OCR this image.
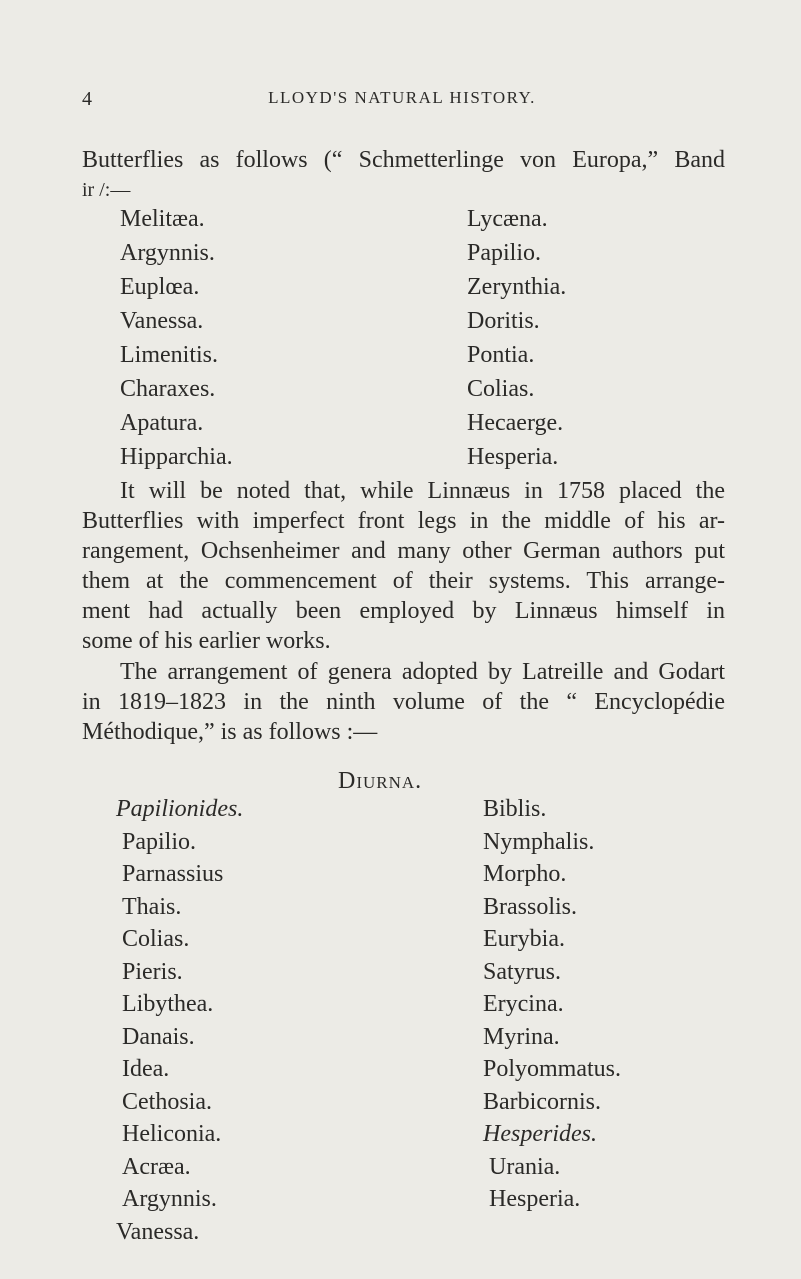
4	LLOYD'S NATURAL HISTORY.
Butterflies as follows (“ Schmetterlinge von Europa,” Band
ir /:—
Melitæa.
Argynnis.
Euplœa.
Vanessa.
Limenitis.
Charaxes.
Apatura.
Hipparchia.
Lycæna.
Papilio.
Zerynthia.
Doritis.
Pontia.
Colias.
Hecaerge.
Hesperia.
It will be noted that, while Linnæus in 1758 placed the
Butterflies with imperfect front legs in the middle of his ar-
rangement, Ochsenheimer and many other German authors put
them at the commencement of their systems. This arrange-
ment had actually been employed by Linnæus himself in
some of his earlier works.
The arrangement of genera adopted by Latreille and Godart
in 1819–1823 in the ninth volume of the “ Encyclopédie
Méthodique,” is as follows :—
Diurna.
Papilionides.
Papilio.
Parnassius
Thais.
Colias.
Pieris.
Libythea.
Danais.
Idea.
Cethosia.
Heliconia.
Acræa.
Argynnis.
Vanessa.
Biblis.
Nymphalis.
Morpho.
Brassolis.
Eurybia.
Satyrus.
Erycina.
Myrina.
Polyommatus.
Barbicornis.
Hesperides.
Urania.
Hesperia.
